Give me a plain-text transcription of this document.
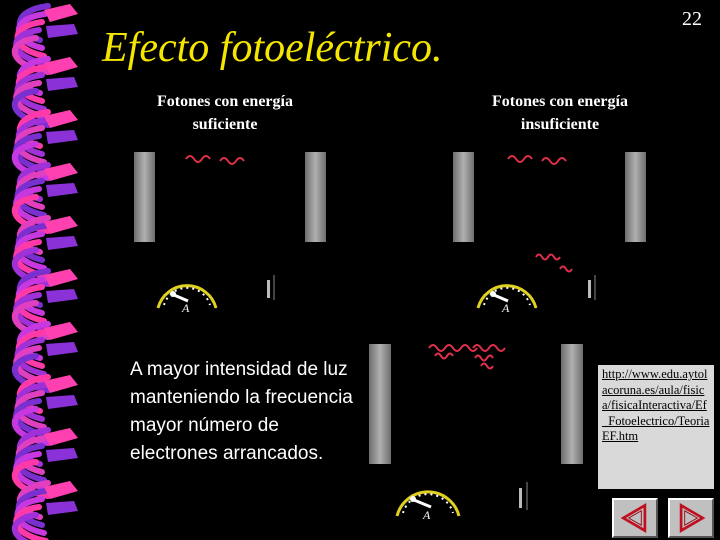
Efecto fotoeléctrico.
22
Fotones con energía suficiente
Fotones con energía insuficiente
A	A
A
A mayor intensidad de luz manteniendo la frecuencia mayor número de electrones arrancados.
http://www.edu.aytolacoruna.es/aula/fisica/fisicaInteractiva/Ef_Fotoelectrico/TeoriaEF.htm
